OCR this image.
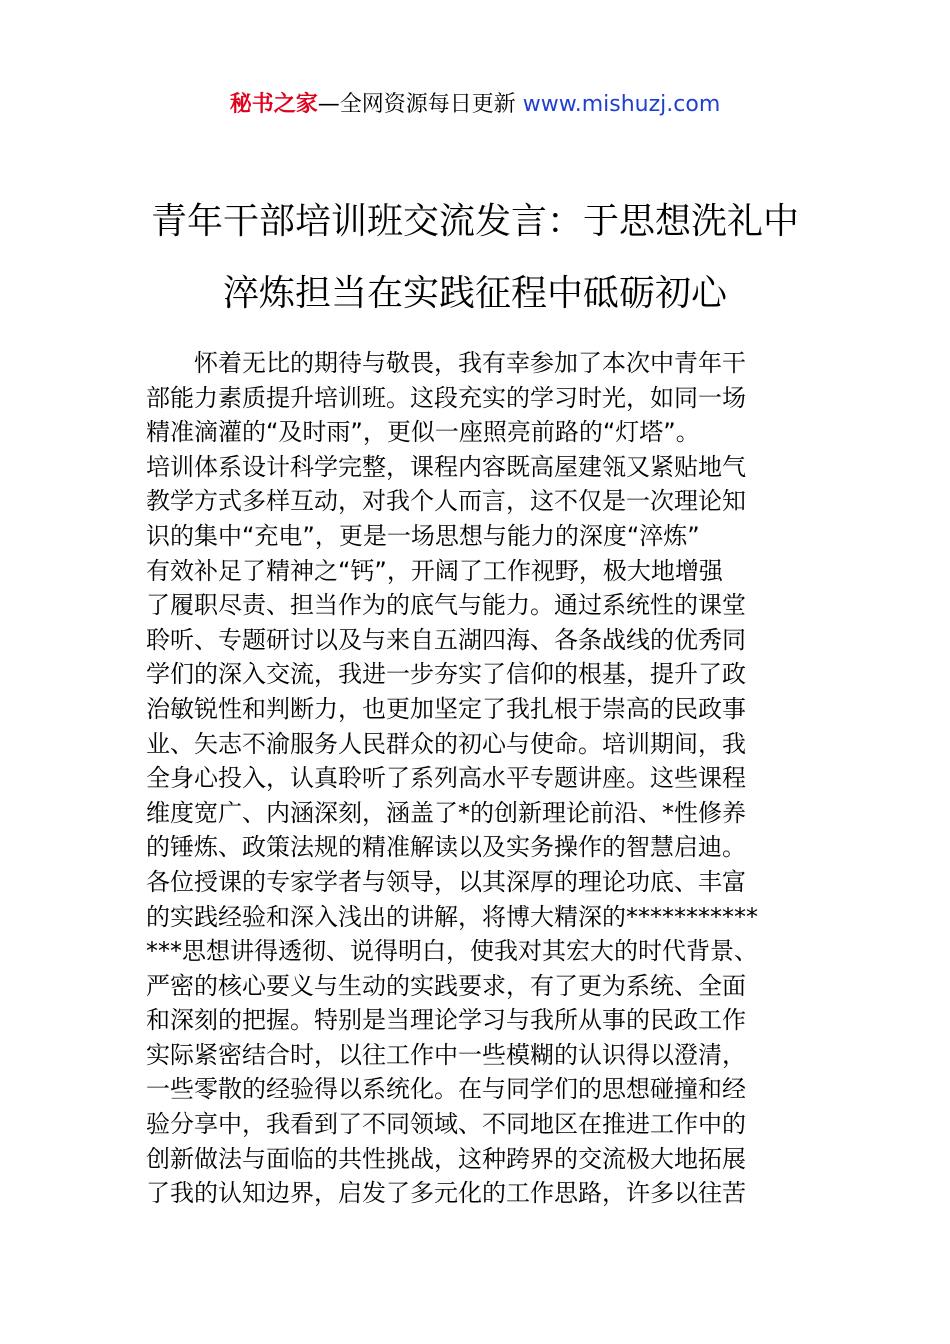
秘书之家—全网资源每日更新 www.mishuzj.com
青年干部培训班交流发言：于思想洗礼中
淬炼担当在实践征程中砥砺初心
　　怀着无比的期待与敬畏，我有幸参加了本次中青年干
部能力素质提升培训班。这段充实的学习时光，如同一场
精准滴灌的“及时雨”，更似一座照亮前路的“灯塔”。
培训体系设计科学完整，课程内容既高屋建瓴又紧贴地气
教学方式多样互动，对我个人而言，这不仅是一次理论知
识的集中“充电”，更是一场思想与能力的深度“淬炼”
有效补足了精神之“钙”，开阔了工作视野，极大地增强
了履职尽责、担当作为的底气与能力。通过系统性的课堂
聆听、专题研讨以及与来自五湖四海、各条战线的优秀同
学们的深入交流，我进一步夯实了信仰的根基，提升了政
治敏锐性和判断力，也更加坚定了我扎根于崇高的民政事
业、矢志不渝服务人民群众的初心与使命。培训期间，我
全身心投入，认真聆听了系列高水平专题讲座。这些课程
维度宽广、内涵深刻，涵盖了*的创新理论前沿、*性修养
的锤炼、政策法规的精准解读以及实务操作的智慧启迪。
各位授课的专家学者与领导，以其深厚的理论功底、丰富
的实践经验和深入浅出的讲解，将博大精深的***********
***思想讲得透彻、说得明白，使我对其宏大的时代背景、
严密的核心要义与生动的实践要求，有了更为系统、全面
和深刻的把握。特别是当理论学习与我所从事的民政工作
实际紧密结合时，以往工作中一些模糊的认识得以澄清，
一些零散的经验得以系统化。在与同学们的思想碰撞和经
验分享中，我看到了不同领域、不同地区在推进工作中的
创新做法与面临的共性挑战，这种跨界的交流极大地拓展
了我的认知边界，启发了多元化的工作思路，许多以往苦
